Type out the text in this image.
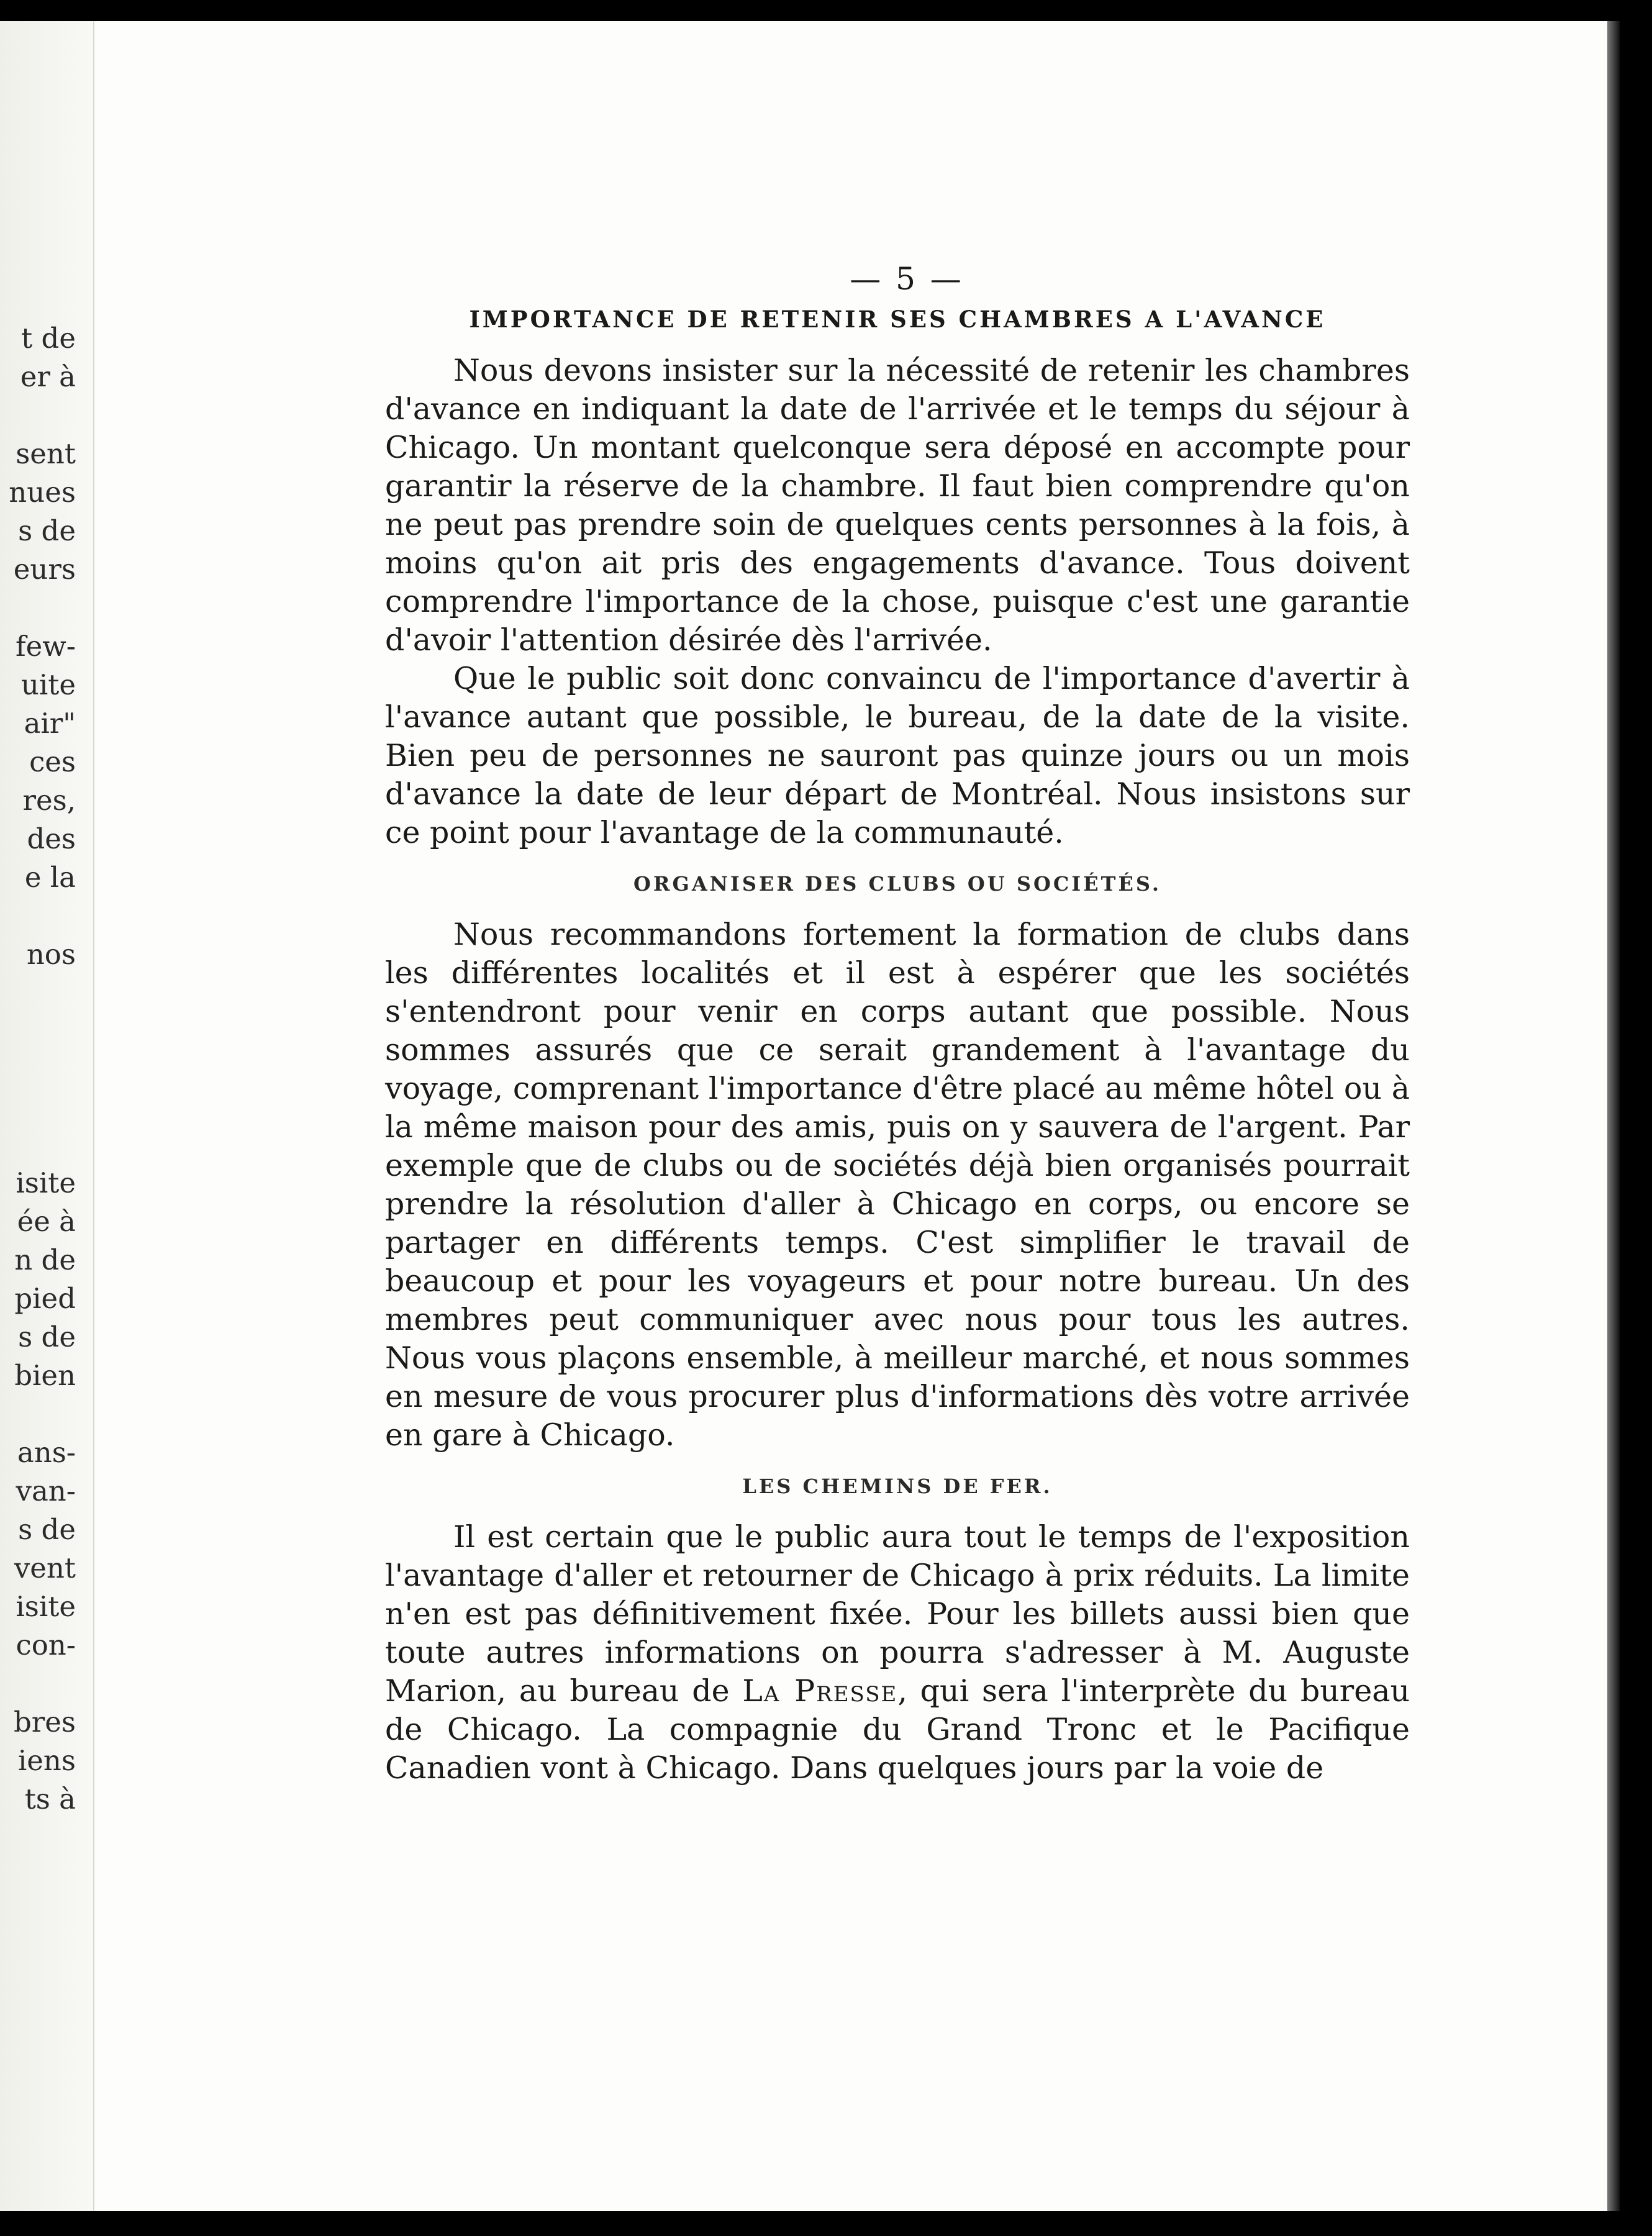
t de
er à
sent
nues
s de
eurs
few-
uite
air"
ces
res,
des
e la
nos
isite
ée à
n de
pied
s de
bien
ans-
van-
s de
vent
isite
con-
bres
iens
ts à

— 5 —

IMPORTANCE DE RETENIR SES CHAMBRES A L'AVANCE

Nous devons insister sur la nécessité de retenir les chambres d'avance en indiquant la date de l'arrivée et le temps du séjour à Chicago. Un montant quelconque sera déposé en accompte pour garantir la réserve de la chambre. Il faut bien comprendre qu'on ne peut pas prendre soin de quelques cents personnes à la fois, à moins qu'on ait pris des engagements d'avance. Tous doivent comprendre l'importance de la chose, puisque c'est une garantie d'avoir l'attention désirée dès l'arrivée.

Que le public soit donc convaincu de l'importance d'avertir à l'avance autant que possible, le bureau, de la date de la visite. Bien peu de personnes ne sauront pas quinze jours ou un mois d'avance la date de leur départ de Montréal. Nous insistons sur ce point pour l'avantage de la communauté.

ORGANISER DES CLUBS OU SOCIÉTÉS.

Nous recommandons fortement la formation de clubs dans les différentes localités et il est à espérer que les sociétés s'entendront pour venir en corps autant que possible. Nous sommes assurés que ce serait grandement à l'avantage du voyage, comprenant l'importance d'être placé au même hôtel ou à la même maison pour des amis, puis on y sauvera de l'argent. Par exemple que de clubs ou de sociétés déjà bien organisés pourrait prendre la résolution d'aller à Chicago en corps, ou encore se partager en différents temps. C'est simplifier le travail de beaucoup et pour les voyageurs et pour notre bureau. Un des membres peut communiquer avec nous pour tous les autres. Nous vous plaçons ensemble, à meilleur marché, et nous sommes en mesure de vous procurer plus d'informations dès votre arrivée en gare à Chicago.

LES CHEMINS DE FER.

Il est certain que le public aura tout le temps de l'exposition l'avantage d'aller et retourner de Chicago à prix réduits. La limite n'en est pas définitivement fixée. Pour les billets aussi bien que toute autres informations on pourra s'adresser à M. Auguste Marion, au bureau de La Presse, qui sera l'interprète du bureau de Chicago. La compagnie du Grand Tronc et le Pacifique Canadien vont à Chicago. Dans quelques jours par la voie de
